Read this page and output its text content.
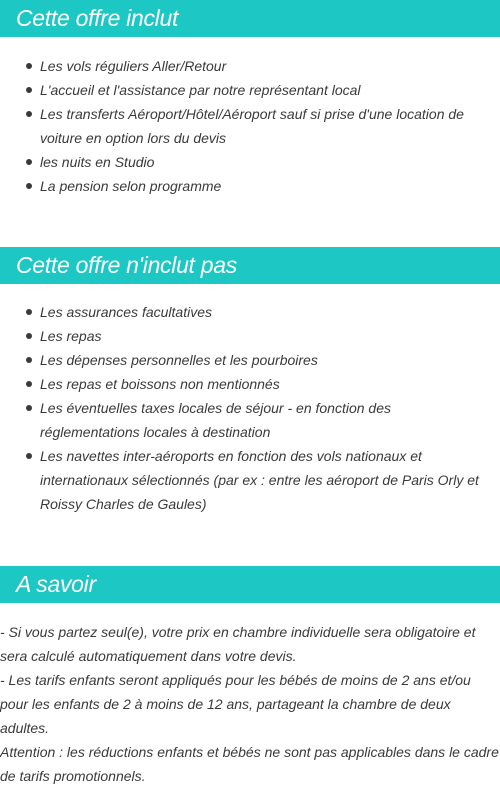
Cette offre inclut
Les vols réguliers Aller/Retour
L'accueil et l'assistance par notre représentant local
Les transferts Aéroport/Hôtel/Aéroport sauf si prise d'une location de voiture en option lors du devis
les nuits en Studio
La pension selon programme
Cette offre n'inclut pas
Les assurances facultatives
Les repas
Les dépenses personnelles et les pourboires
Les repas et boissons non mentionnés
Les éventuelles taxes locales de séjour - en fonction des réglementations locales à destination
Les navettes inter-aéroports en fonction des vols nationaux et internationaux sélectionnés (par ex : entre les aéroport de Paris Orly et Roissy Charles de Gaules)
A savoir
- Si vous partez seul(e), votre prix en chambre individuelle sera obligatoire et sera calculé automatiquement dans votre devis.
- Les tarifs enfants seront appliqués pour les bébés de moins de 2 ans et/ou pour les enfants de 2 à moins de 12 ans, partageant la chambre de deux adultes.
Attention : les réductions enfants et bébés ne sont pas applicables dans le cadre de tarifs promotionnels.
